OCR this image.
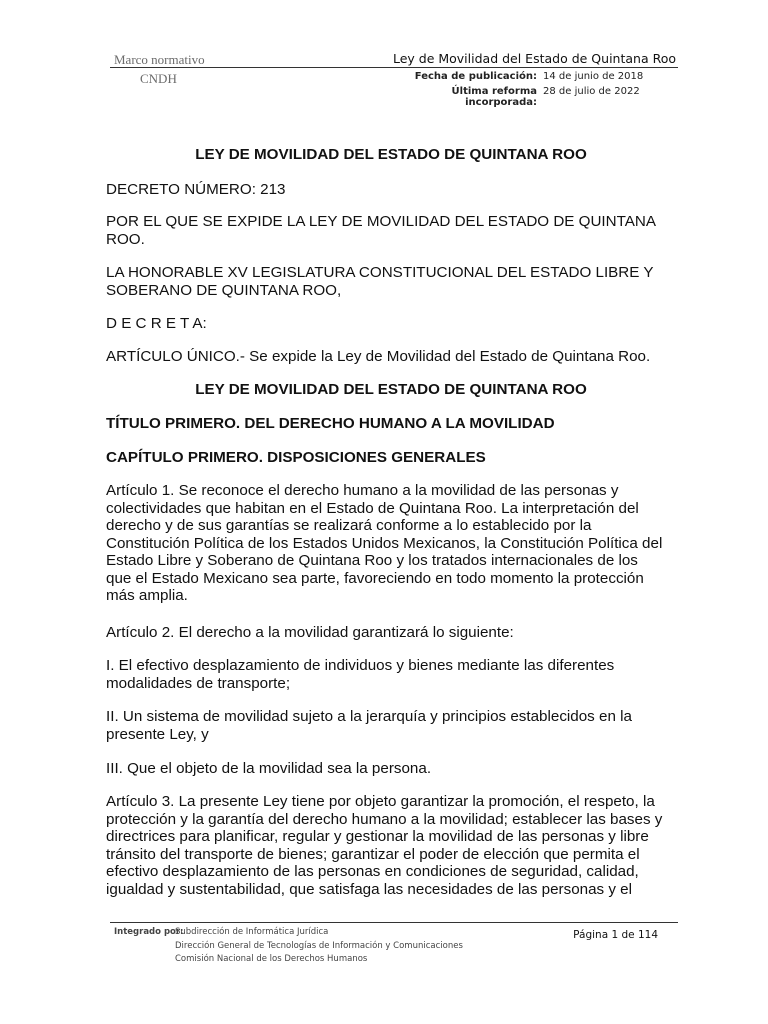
Marco normativo
CNDH
Ley de Movilidad del Estado de Quintana Roo
Fecha de publicación: 14 de junio de 2018
Última reforma incorporada:
28 de julio de 2022

LEY DE MOVILIDAD DEL ESTADO DE QUINTANA ROO

DECRETO NÚMERO: 213

POR EL QUE SE EXPIDE LA LEY DE MOVILIDAD DEL ESTADO DE QUINTANA
ROO.
LA HONORABLE XV LEGISLATURA CONSTITUCIONAL DEL ESTADO LIBRE Y
SOBERANO DE QUINTANA ROO,

D E C R E T A:

ARTÍCULO ÚNICO.- Se expide la Ley de Movilidad del Estado de Quintana Roo.

LEY DE MOVILIDAD DEL ESTADO DE QUINTANA ROO

TÍTULO PRIMERO. DEL DERECHO HUMANO A LA MOVILIDAD

CAPÍTULO PRIMERO. DISPOSICIONES GENERALES

Artículo 1. Se reconoce el derecho humano a la movilidad de las personas y
colectividades que habitan en el Estado de Quintana Roo. La interpretación del
derecho y de sus garantías se realizará conforme a lo establecido por la
Constitución Política de los Estados Unidos Mexicanos, la Constitución Política del
Estado Libre y Soberano de Quintana Roo y los tratados internacionales de los
que el Estado Mexicano sea parte, favoreciendo en todo momento la protección
más amplia.

Artículo 2. El derecho a la movilidad garantizará lo siguiente:

I. El efectivo desplazamiento de individuos y bienes mediante las diferentes
modalidades de transporte;
II. Un sistema de movilidad sujeto a la jerarquía y principios establecidos en la
presente Ley, y

III. Que el objeto de la movilidad sea la persona.

Artículo 3. La presente Ley tiene por objeto garantizar la promoción, el respeto, la
protección y la garantía del derecho humano a la movilidad; establecer las bases y
directrices para planificar, regular y gestionar la movilidad de las personas y libre
tránsito del transporte de bienes; garantizar el poder de elección que permita el
efectivo desplazamiento de las personas en condiciones de seguridad, calidad,
igualdad y sustentabilidad, que satisfaga las necesidades de las personas y el
Integrado por:
Subdirección de Informática Jurídica
Dirección General de Tecnologías de Información y Comunicaciones
Comisión Nacional de los Derechos Humanos
Página 1 de 114
